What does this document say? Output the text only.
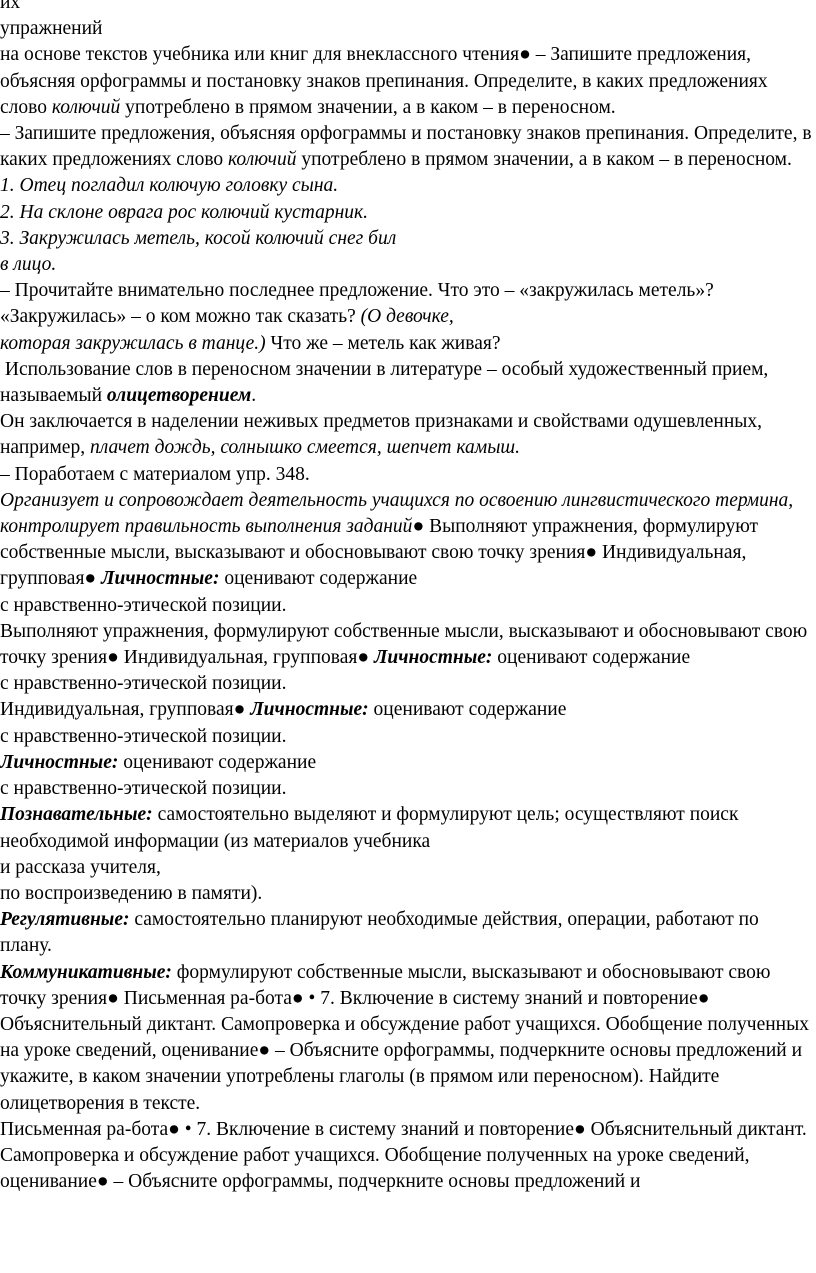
их
упражнений
на основе текстов учебника или книг для внеклассного чтения● – Запишите предложения, объясняя орфограммы и постановку знаков препинания. Определите, в каких предложениях слово колючий употреблено в прямом значении, а в каком – в переносном.
– Запишите предложения, объясняя орфограммы и постановку знаков препинания. Определите, в каких предложениях слово колючий употреблено в прямом значении, а в каком – в переносном.
1. Отец погладил колючую головку сына.
2. На склоне оврага рос колючий кустарник.
3. Закружилась метель, косой колючий снег бил
в лицо.
– Прочитайте внимательно последнее предложение. Что это – «закружилась метель»? «Закружилась» – о ком можно так сказать? (О девочке,
которая закружилась в танце.) Что же – метель как живая?
Использование слов в переносном значении в литературе – особый художественный прием, называемый олицетворением.
Он заключается в наделении неживых предметов признаками и свойствами одушевленных, например, плачет дождь, солнышко смеется, шепчет камыш.
– Поработаем с материалом упр. 348.
Организует и сопровождает деятельность учащихся по освоению лингвистического термина, контролирует правильность выполнения заданий● Выполняют упражнения, формулируют собственные мысли, высказывают и обосновывают свою точку зрения● Индивидуальная, групповая● Личностные: оценивают содержание
с нравственно-этической позиции.
Выполняют упражнения, формулируют собственные мысли, высказывают и обосновывают свою точку зрения● Индивидуальная, групповая● Личностные: оценивают содержание
с нравственно-этической позиции.
Индивидуальная, групповая● Личностные: оценивают содержание
с нравственно-этической позиции.
Личностные: оценивают содержание
с нравственно-этической позиции.
Познавательные: самостоятельно выделяют и формулируют цель; осуществляют поиск необходимой информации (из материалов учебника
и рассказа учителя,
по воспроизведению в памяти).
Регулятивные: самостоятельно планируют необходимые действия, операции, работают по плану.
Коммуникативные: формулируют собственные мысли, высказывают и обосновывают свою точку зрения● Письменная ра-бота● • 7. Включение в систему знаний и повторение● Объяснительный диктант. Самопроверка и обсуждение работ учащихся. Обобщение полученных на уроке сведений, оценивание● – Объясните орфограммы, подчеркните основы предложений и укажите, в каком значении употреблены глаголы (в прямом или переносном). Найдите олицетворения в тексте.
Письменная ра-бота● • 7. Включение в систему знаний и повторение● Объяснительный диктант. Самопроверка и обсуждение работ учащихся. Обобщение полученных на уроке сведений, оценивание● – Объясните орфограммы, подчеркните основы предложений и
